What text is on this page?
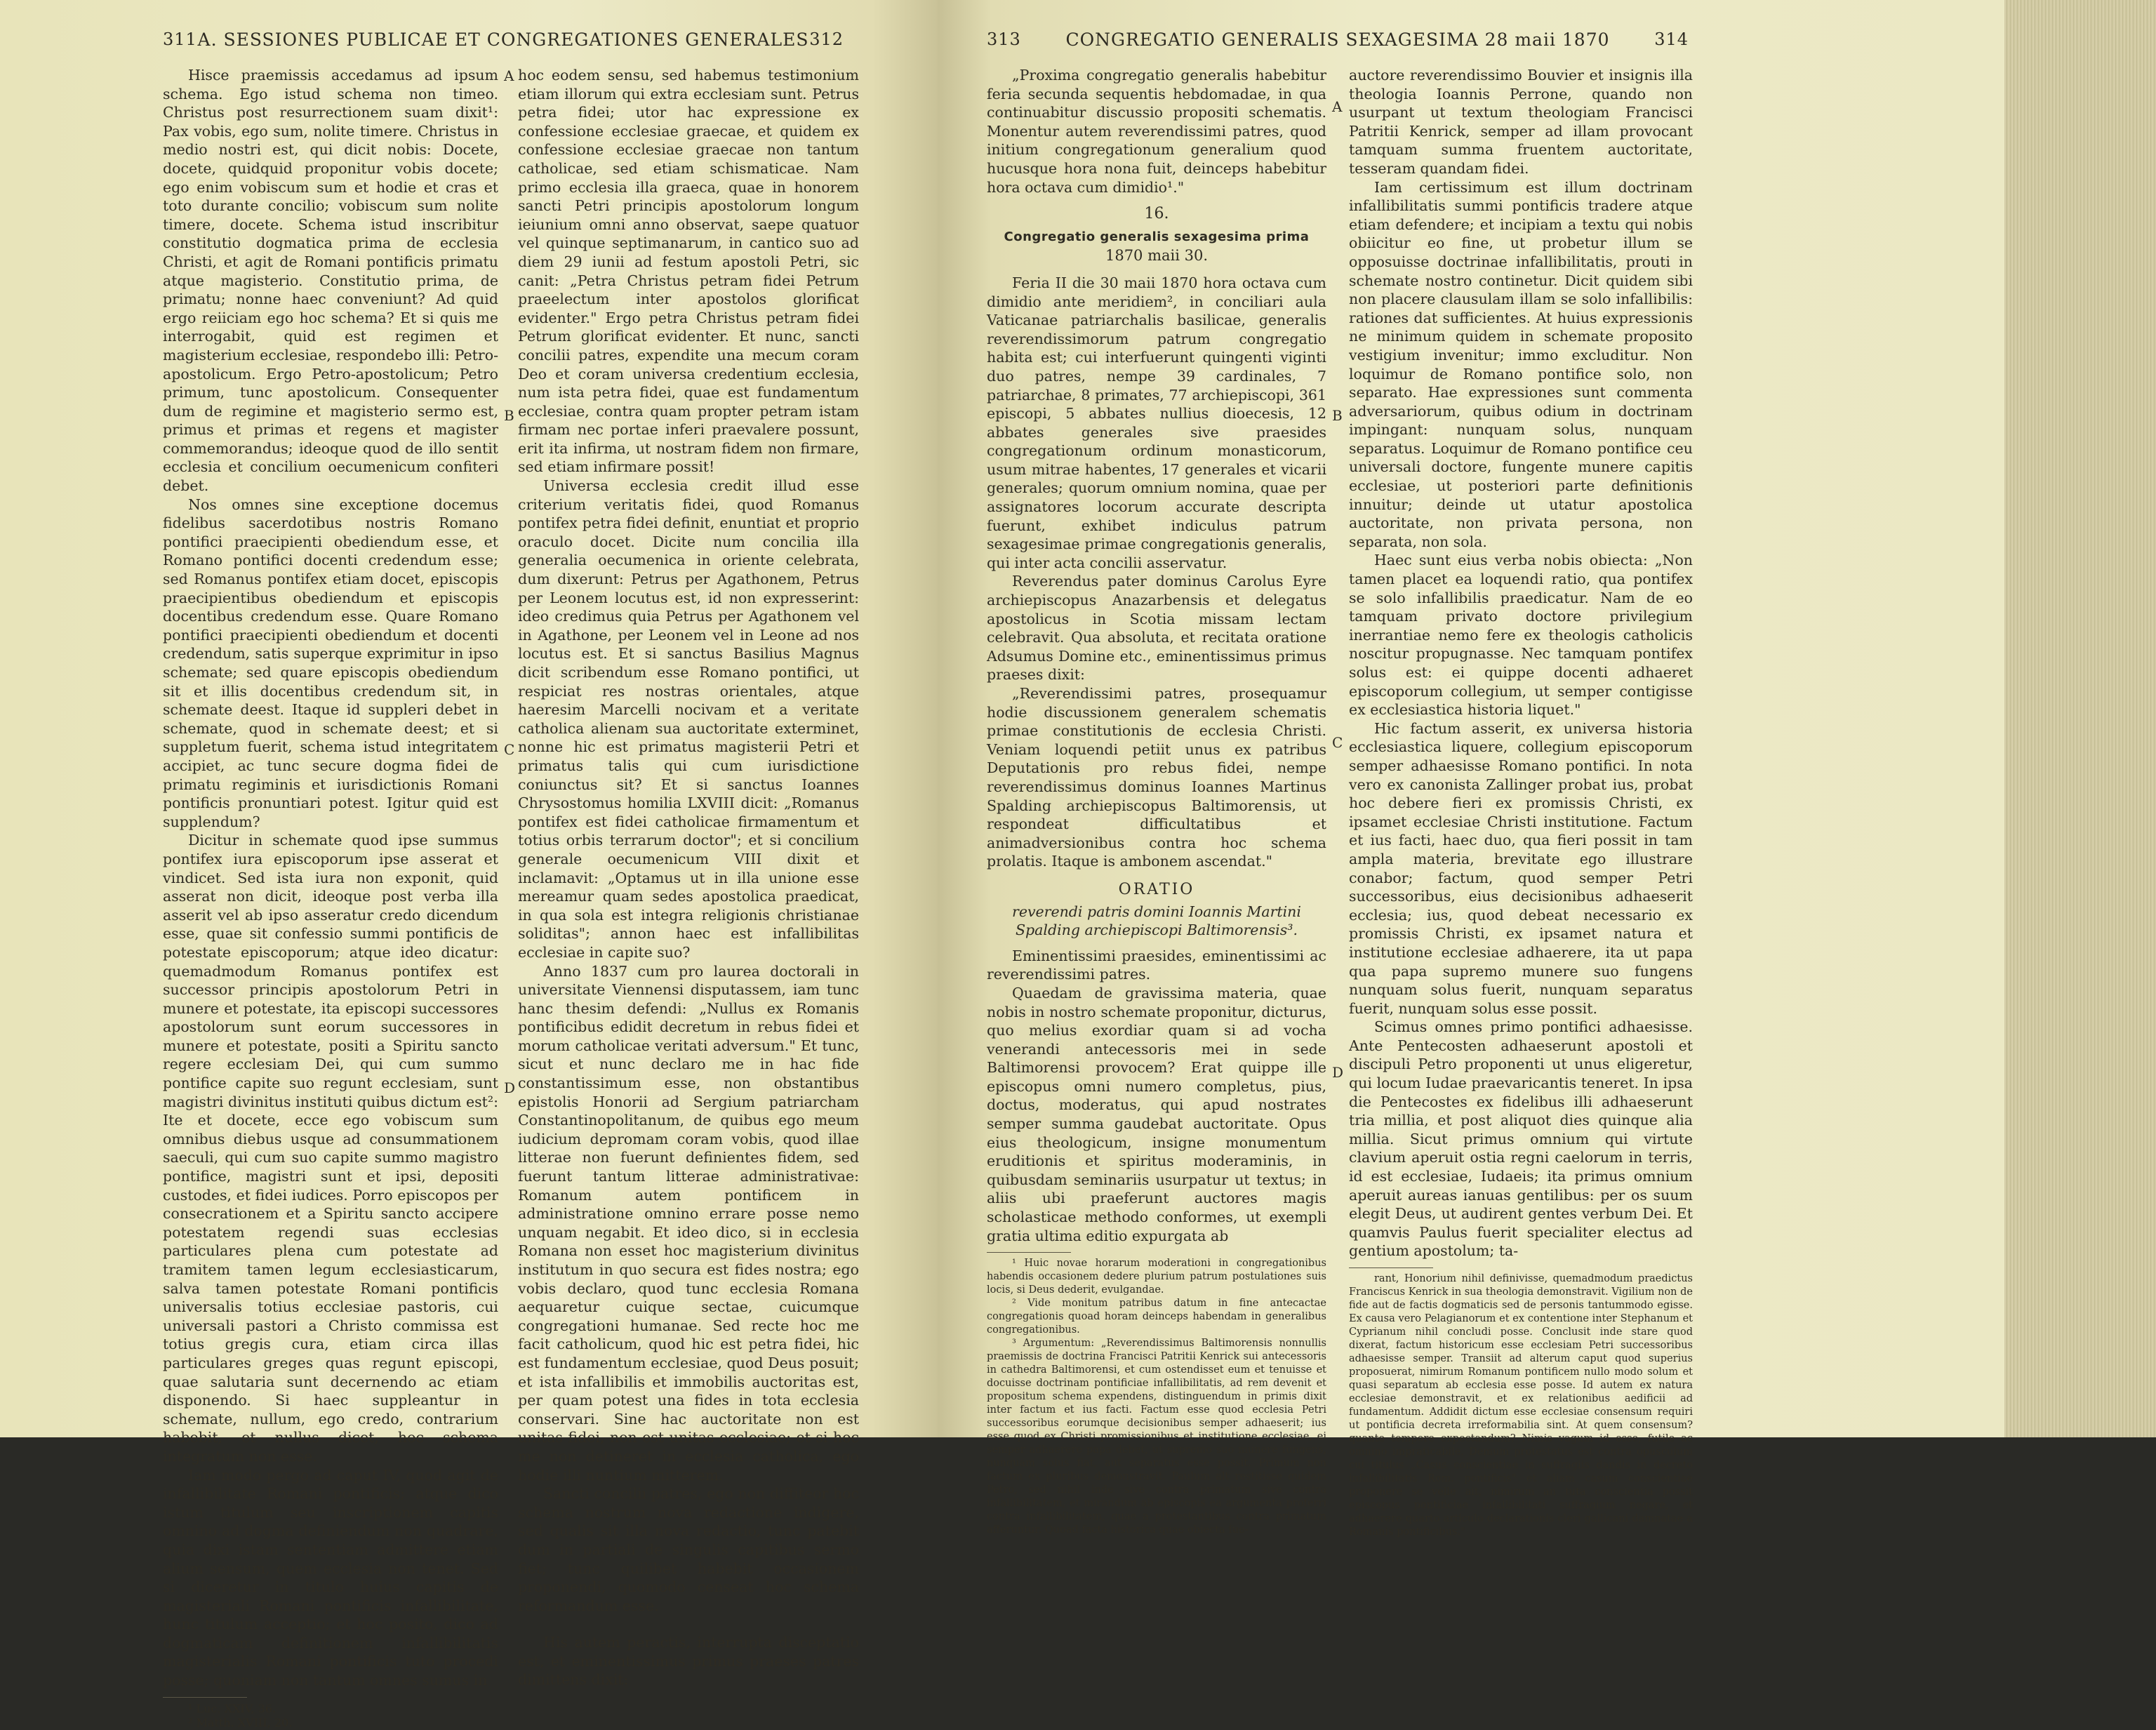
311 A. SESSIONES PUBLICAE ET CONGREGATIONES GENERALES 312

Hisce praemissis accedamus ad ipsum schema. Ego istud schema non timeo. Christus post resurrectionem suam dixit¹: Pax vobis, ego sum, nolite timere. Christus in medio nostri est, qui dicit nobis: Docete, docete, quidquid proponitur vobis docete; ego enim vobiscum sum et hodie et cras et toto durante concilio; vobiscum sum nolite timere, docete. Schema istud inscribitur constitutio dogmatica prima de ecclesia Christi, et agit de Romani pontificis primatu atque magisterio. Constitutio prima, de primatu; nonne haec conveniunt? Ad quid ergo reiiciam ego hoc schema? Et si quis me interrogabit, quid est regimen et magisterium ecclesiae, respondebo illi: Petro-apostolicum. Ergo Petro-apostolicum; Petro primum, tunc apostolicum. Consequenter dum de regimine et magisterio sermo est, primus et primas et regens et magister commemorandus; ideoque quod de illo sentit ecclesia et concilium oecumenicum confiteri debet.

Nos omnes sine exceptione docemus fidelibus sacerdotibus nostris Romano pontifici praecipienti obediendum esse, et Romano pontifici docenti credendum esse; sed Romanus pontifex etiam docet, episcopis praecipientibus obediendum et episcopis docentibus credendum esse. Quare Romano pontifici praecipienti obediendum et docenti credendum, satis superque exprimitur in ipso schemate; sed quare episcopis obediendum sit et illis docentibus credendum sit, in schemate deest. Itaque id suppleri debet in schemate, quod in schemate deest; et si suppletum fuerit, schema istud integritatem accipiet, ac tunc secure dogma fidei de primatu regiminis et iurisdictionis Romani pontificis pronuntiari potest. Igitur quid est supplendum?

Dicitur in schemate quod ipse summus pontifex iura episcoporum ipse asserat et vindicet. Sed ista iura non exponit, quid asserat non dicit, ideoque post verba illa asserit vel ab ipso asseratur credo dicendum esse, quae sit confessio summi pontificis de potestate episcoporum; atque ideo dicatur: quemadmodum Romanus pontifex est successor principis apostolorum Petri in munere et potestate, ita episcopi successores apostolorum sunt eorum successores in munere et potestate, positi a Spiritu sancto regere ecclesiam Dei, qui cum summo pontifice capite suo regunt ecclesiam, sunt magistri divinitus instituti quibus dictum est²: Ite et docete, ecce ego vobiscum sum omnibus diebus usque ad consummationem saeculi, qui cum suo capite summo magistro pontifice, magistri sunt et ipsi, depositi custodes, et fidei iudices. Porro episcopos per consecrationem et a Spiritu sancto accipere potestatem regendi suas ecclesias particulares plena cum potestate ad tramitem tamen legum ecclesiasticarum, salva tamen potestate Romani pontificis universalis totius ecclesiae pastoris, cui universali pastori a Christo commissa est totius gregis cura, etiam circa illas particulares greges quas regunt episcopi, quae salutaria sunt decernendo ac etiam disponendo. Si haec suppleantur in schemate, nullum, ego credo, contrarium habebit, et nullus dicet, hoc schema integratum non esse.

Iam modo pergo ad caput IV, quod agit de infallibilitate Romani pontificis; atque dico istum titulum seu inscriptionem capitis omnino ad dogma definiendum non quadrare, quia dixi istam sententiam admittere etiam alium sensum, quem ecclesia non tenet. Sed si diceretur in titulo huius capitis de magisteriali Romani pontificis infallibilitate, hunc titulum acceptio; et hoc posito, dico ad dogmaticam definitionem infallibilitatis magisterialis Romani pontificis tuto procedi posse; quoniam non tantum omnes sumus in

¹ Luc. XXIV, 36.

² Matth. XVIII, 20.

A
B
C
D

hoc eodem sensu, sed habemus testimonium etiam illorum qui extra ecclesiam sunt. Petrus petra fidei; utor hac expressione ex confessione ecclesiae graecae, et quidem ex confessione ecclesiae graecae non tantum catholicae, sed etiam schismaticae. Nam primo ecclesia illa graeca, quae in honorem sancti Petri principis apostolorum longum ieiunium omni anno observat, saepe quatuor vel quinque septimanarum, in cantico suo ad diem 29 iunii ad festum apostoli Petri, sic canit: „Petra Christus petram fidei Petrum praeelectum inter apostolos glorificat evidenter." Ergo petra Christus petram fidei Petrum glorificat evidenter. Et nunc, sancti concilii patres, expendite una mecum coram Deo et coram universa credentium ecclesia, num ista petra fidei, quae est fundamentum ecclesiae, contra quam propter petram istam firmam nec portae inferi praevalere possunt, erit ita infirma, ut nostram fidem non firmare, sed etiam infirmare possit!

Universa ecclesia credit illud esse criterium veritatis fidei, quod Romanus pontifex petra fidei definit, enuntiat et proprio oraculo docet. Dicite num concilia illa generalia oecumenica in oriente celebrata, dum dixerunt: Petrus per Agathonem, Petrus per Leonem locutus est, id non expresserint: ideo credimus quia Petrus per Agathonem vel in Agathone, per Leonem vel in Leone ad nos locutus est. Et si sanctus Basilius Magnus dicit scribendum esse Romano pontifici, ut respiciat res nostras orientales, atque haeresim Marcelli nocivam et a veritate catholica alienam sua auctoritate exterminet, nonne hic est primatus magisterii Petri et primatus talis qui cum iurisdictione coniunctus sit? Et si sanctus Ioannes Chrysostomus homilia LXVIII dicit: „Romanus pontifex est fidei catholicae firmamentum et totius orbis terrarum doctor"; et si concilium generale oecumenicum VIII dixit et inclamavit: „Optamus ut in illa unione esse mereamur quam sedes apostolica praedicat, in qua sola est integra religionis christianae soliditas"; annon haec est infallibilitas ecclesiae in capite suo?

Anno 1837 cum pro laurea doctorali in universitate Viennensi disputassem, iam tunc hanc thesim defendi: „Nullus ex Romanis pontificibus edidit decretum in rebus fidei et morum catholicae veritati adversum." Et tunc, sicut et nunc declaro me in hac fide constantissimum esse, non obstantibus epistolis Honorii ad Sergium patriarcham Constantinopolitanum, de quibus ego meum iudicium depromam coram vobis, quod illae litterae non fuerunt definientes fidem, sed fuerunt tantum litterae administrativae: Romanum autem pontificem in administratione omnino errare posse nemo unquam negabit. Et ideo dico, si in ecclesia Romana non esset hoc magisterium divinitus institutum in quo secura est fides nostra; ego vobis declaro, quod tunc ecclesia Romana aequaretur cuique sectae, cuicumque congregationi humanae. Sed recte hoc me facit catholicum, quod hic est petra fidei, hic est fundamentum ecclesiae, quod Deus posuit; et ista infallibilis et immobilis auctoritas est, per quam potest una fides in tota ecclesia conservari. Sine hac auctoritate non est unitas fidei, non est unitas ecclesiae; et si hoc me non detineret in ecclesia catholica, ego hodie illi nuntium mitterem.

Sancti concilii patres, ego non diffiteor hoc schema nostrum nova redactione indigere, sed qualis sit illa nova redactio, tunc patebit dum in partiali de singulis capitibus sermo fiet; tunc quilibet habebit occasionem proponendi, quomodo censeat hoc schema reformandum esse.

His autem peractis, interrupta disceptatio est, et eminentissimus primus praeses patres dimittens dixit:

313	CONGREGATIO GENERALIS SEXAGESIMA 28 maii 1870	314

„Proxima congregatio generalis habebitur feria secunda sequentis hebdomadae, in qua continuabitur discussio propositi schematis. Monentur autem reverendissimi patres, quod initium congregationum generalium quod hucusque hora nona fuit, deinceps habebitur hora octava cum dimidio¹."

16.

Congregatio generalis sexagesima prima

1870 maii 30.

Feria II die 30 maii 1870 hora octava cum dimidio ante meridiem², in conciliari aula Vaticanae patriarchalis basilicae, generalis reverendissimorum patrum congregatio habita est; cui interfuerunt quingenti viginti duo patres, nempe 39 cardinales, 7 patriarchae, 8 primates, 77 archiepiscopi, 361 episcopi, 5 abbates nullius dioecesis, 12 abbates generales sive praesides congregationum ordinum monasticorum, usum mitrae habentes, 17 generales et vicarii generales; quorum omnium nomina, quae per assignatores locorum accurate descripta fuerunt, exhibet indiculus patrum sexagesimae primae congregationis generalis, qui inter acta concilii asservatur.

Reverendus pater dominus Carolus Eyre archiepiscopus Anazarbensis et delegatus apostolicus in Scotia missam lectam celebravit. Qua absoluta, et recitata oratione Adsumus Domine etc., eminentissimus primus praeses dixit:

„Reverendissimi patres, prosequamur hodie discussionem generalem schematis primae constitutionis de ecclesia Christi. Veniam loquendi petiit unus ex patribus Deputationis pro rebus fidei, nempe reverendissimus dominus Ioannes Martinus Spalding archiepiscopus Baltimorensis, ut respondeat difficultatibus et animadversionibus contra hoc schema prolatis. Itaque is ambonem ascendat."

ORATIO

reverendi patris domini Ioannis Martini Spalding archiepiscopi Baltimorensis³.

Eminentissimi praesides, eminentissimi ac reverendissimi patres.

Quaedam de gravissima materia, quae nobis in nostro schemate proponitur, dicturus, quo melius exordiar quam si ad vocha venerandi antecessoris mei in sede Baltimorensi provocem? Erat quippe ille episcopus omni numero completus, pius, doctus, moderatus, qui apud nostrates semper summa gaudebat auctoritate. Opus eius theologicum, insigne monumentum eruditionis et spiritus moderaminis, in quibusdam seminariis usurpatur ut textus; in aliis ubi praeferunt auctores magis scholasticae methodo conformes, ut exempli gratia ultima editio expurgata ab

¹ Huic novae horarum moderationi in congregationibus habendis occasionem dedere plurium patrum postulationes suis locis, si Deus dederit, evulgandae.

² Vide monitum patribus datum in fine antecactae congregationis quoad horam deinceps habendam in generalibus congregationibus.

³ Argumentum: „Reverendissimus Baltimorensis nonnullis praemissis de doctrina Francisci Patritii Kenrick sui antecessoris in cathedra Baltimorensi, et cum ostendisset eum et tenuisse et docuisse doctrinam pontificiae infallibilitatis, ad rem devenit et propositum schema expendens, distinguendum in primis dixit inter factum et ius facti. Factum esse quod ecclesia Petri successoribus eorumque decisionibus semper adhaeserit; ius esse quod ex Christi promissionibus et institutione ecclesiae, ei semper adhaerere papa debet, ut supremo suo munere fungens, nunquam solus fiat, aut separatus esse possit. Primum non factum ex pluribus demonstravit. Paulum alt restitisse quidem Petro, sed nihil inde sive contra primatum sive contra infallibilitatem, et mirandum ab episcopis ea argumenta proferri contra infallibilitatem, quae a protestantibus contra primatum afferuntur. Quoad facta historica quae obiecta fue-

A
B
C
D

auctore reverendissimo Bouvier et insignis illa theologia Ioannis Perrone, quando non usurpant ut textum theologiam Francisci Patritii Kenrick, semper ad illam provocant tamquam summa fruentem auctoritate, tesseram quandam fidei.

Iam certissimum est illum doctrinam infallibilitatis summi pontificis tradere atque etiam defendere; et incipiam a textu qui nobis obiicitur eo fine, ut probetur illum se opposuisse doctrinae infallibilitatis, prouti in schemate nostro continetur. Dicit quidem sibi non placere clausulam illam se solo infallibilis: rationes dat sufficientes. At huius expressionis ne minimum quidem in schemate proposito vestigium invenitur; immo excluditur. Non loquimur de Romano pontifice solo, non separato. Hae expressiones sunt commenta adversariorum, quibus odium in doctrinam impingant: nunquam solus, nunquam separatus. Loquimur de Romano pontifice ceu universali doctore, fungente munere capitis ecclesiae, ut posteriori parte definitionis innuitur; deinde ut utatur apostolica auctoritate, non privata persona, non separata, non sola.

Haec sunt eius verba nobis obiecta: „Non tamen placet ea loquendi ratio, qua pontifex se solo infallibilis praedicatur. Nam de eo tamquam privato doctore privilegium inerrantiae nemo fere ex theologis catholicis noscitur propugnasse. Nec tamquam pontifex solus est: ei quippe docenti adhaeret episcoporum collegium, ut semper contigisse ex ecclesiastica historia liquet."

Hic factum asserit, ex universa historia ecclesiastica liquere, collegium episcoporum semper adhaesisse Romano pontifici. In nota vero ex canonista Zallinger probat ius, probat hoc debere fieri ex promissis Christi, ex ipsamet ecclesiae Christi institutione. Factum et ius facti, haec duo, qua fieri possit in tam ampla materia, brevitate ego illustrare conabor; factum, quod semper Petri successoribus, eius decisionibus adhaeserit ecclesia; ius, quod debeat necessario ex promissis Christi, ex ipsamet natura et institutione ecclesiae adhaerere, ita ut papa qua papa supremo munere suo fungens nunquam solus fuerit, nunquam separatus fuerit, nunquam solus esse possit.

Scimus omnes primo pontifici adhaesisse. Ante Pentecosten adhaeserunt apostoli et discipuli Petro proponenti ut unus eligeretur, qui locum Iudae praevaricantis teneret. In ipsa die Pentecostes ex fidelibus illi adhaeserunt tria millia, et post aliquot dies quinque alia millia. Sicut primus omnium qui virtute clavium aperuit ostia regni caelorum in terris, id est ecclesiae, Iudaeis; ita primus omnium aperuit aureas ianuas gentilibus: per os suum elegit Deus, ut audirent gentes verbum Dei. Et quamvis Paulus fuerit specialiter electus ad gentium apostolum; ta-

rant, Honorium nihil definivisse, quemadmodum praedictus Franciscus Kenrick in sua theologia demonstravit. Vigilium non de fide aut de factis dogmaticis sed de personis tantummodo egisse. Ex causa vero Pelagianorum et ex contentione inter Stephanum et Cyprianum nihil concludi posse. Conclusit inde stare quod dixerat, factum historicum esse ecclesiam Petri successoribus adhaesisse semper. Transiit ad alterum caput quod superius proposuerat, nimirum Romanum pontificem nullo modo solum et quasi separatum ab ecclesia esse posse. Id autem ex natura ecclesiae demonstravit, et ex relationibus aedificii ad fundamentum. Addidit dictum esse ecclesiae consensum requiri ut pontificia decreta irreformabilia sint. At quem consensum? quanto tempore expectandum? Nimis vagum id esse, futile ac omnino impraticabile. Demum protestatus est contra opusculum cui titulus „Casus conscientiae in suffragiis dandis in decreto infallibilitatis Rom. pontificis" et aliam casum conscientiae proponere se velle ait, nimirum an tuta conscientia possit episcopus pontificiae infallibilitati suffragium negare, et adhaerere quarto articulo declarationis cleri gallicani damnatae a Romanis pontificibus."
